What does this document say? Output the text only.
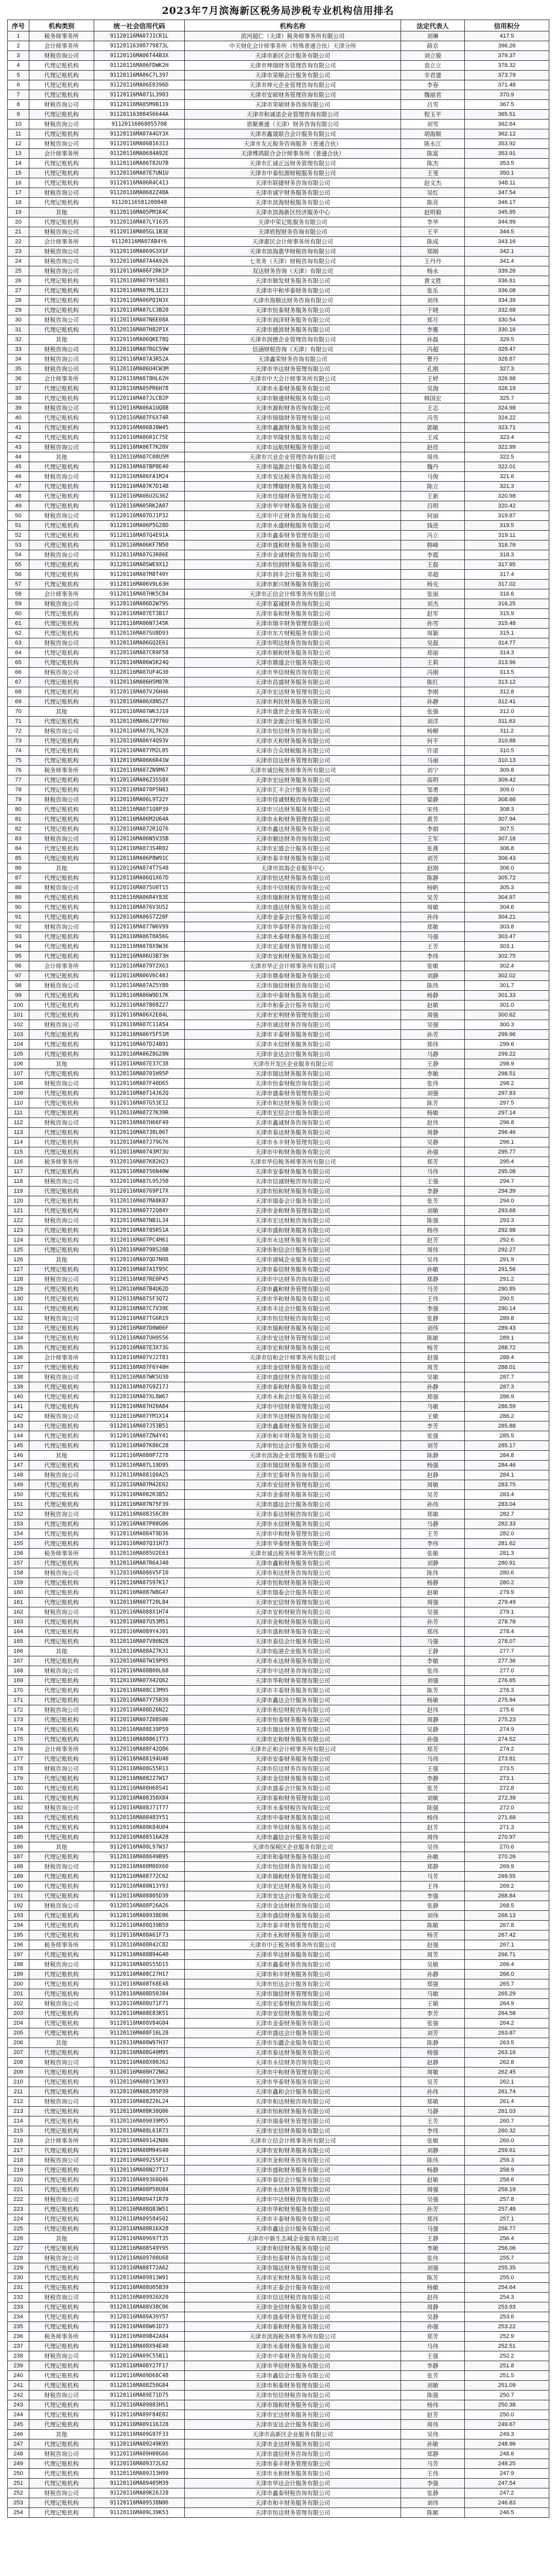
2023年7月滨海新区税务局涉税专业机构信用排名
序号	机构类别	统一社会信用代码	机构名称	法定代表人	信用积分
1	税务师事务所	91120116MA07J1CR1L	滨河超仁（天津）税务师事务所有限公司	刘琳	417.5
2	会计师事务所	91120116300779873L	中天财化会计师事务所（特殊普通合伙）天津分所	薛京	396.26
3	财税咨询公司	91120116MA06T44B3X	天津市新区会计服务有限公司	刘立骏	379.37
4	代理记账机构	91120116MA06FDWK2H	天津市坤瑞财务管理咨询有限公司	袁立立	378.32
5	代理记账机构	91120116MA06C7L397	天津市荣顺会计服务有限公司	辛君建	373.79
6	代理记账机构	91120116MA06E0396D	天津市坤元企业管理咨询有限公司	李春	371.48
7	代理记账机构	91120116MA071L3903	天津市安硕财务管理咨询有限公司	魏丽君	370.9
8	财税咨询公司	91120116MA05M9B119	天津市荣硕财务咨询有限公司	吕雪	367.5
9	代理记账机构	91120116300456644A	天津市和诚诺企业管理咨询有限公司	程玉平	365.51
10	财税咨询公司	91120116068055708	恩聚赛通（天津）财务咨询有限公司	刘雪	362.64
11	代理记账机构	91120116MA07A4GY3X	天津市鑫晟联合会计服务有限公司	胡海顺	362.12
12	财税咨询公司	91120116MA06B16313	天津市友元税务咨询服务（普通合伙）	陈永江	353.92
13	会计师事务所	91120116MA0684A92E	天津博鸿联合会计师事务所（普通合伙）	陈富	353.91
14	代理记账机构	91120116MA06T82U7B	天津市汇诚正远财务管理有限公司	陈杰	353.5
15	代理记账机构	91120116MA07E7UN1U	天津市中泰恒源财税服务有限公司	王斐	350.1
16	代理记账机构	91120116MA06R4C413	天津市联捷财务咨询有限公司	赵文杰	348.11
17	财税咨询公司	91120116MA0682Z48A	天津市诚宇财务服务有限公司	吴红	347.54
18	代理记账机构	91120116581200848	天津市滨海财税服务有限公司	陈亮	346.17
19	其他	91120116MA05PM1K4C	天津市滨海新区经济服务中心	赵明毅	345.95
20	代理记账机构	91120116MA07LY1635	天津中荣记账服务有限公司	李华	344.99
21	财税咨询公司	91120116MA05GL1B3E	天津欣程财务咨询有限公司	王平	344.5
22	会计师事务所	91120116MA07AB4Y6	天津惠民会计师事务所有限公司	陈成	343.16
23	财税咨询公司	91120116MA069G3X1F	天津市滨海惠华财税咨询有限公司	郑刚	342.1
24	财税咨询公司	91120116MA07A4A926	七美务（天津）财税咨询有限公司	王丹丹	341.4
25	财税咨询公司	91120116MA06F2RK1P	双达财务咨询（天津）有限公司	杨永	339.26
26	代理记账机构	91120116MA079Y5803	天津市顺发财务服务有限公司	黄文胜	336.81
27	代理记账机构	91120116MA07ML1E23	天津市中和华泰财务有限公司	张乐	336.08
28	代理记账机构	91120116MA06PQ1N3X	天津市海顺达财务咨询有限公司	刘伟	334.39
29	代理记账机构	91120116MA07LC3B20	天津市恒泰财务服务有限公司	于晓	332.68
30	财税咨询公司	91120116MA07N6E08A	天津市润泽财务服务有限公司	郑月	330.54
31	代理记账机构	91120116MA07H82P1X	天津市德滨财务服务有限公司	李雅	330.16
32	其他	91120116MA06QKE78Q	天津市润德企业管理咨询有限公司	孙磊	329.5
33	财税咨询公司	91120116MA07RGC59W	信涵财税咨询（天津）有限公司	冯超	329.47
34	财税咨询公司	91120116MA07A3R52A	天津鑫荣财务咨询有限公司	曹丹	328.87
35	财税咨询公司	91120116MA06U4CW3M	天津市华达财务管理有限公司	孔刚	327.3
36	会计师事务所	91120116MA078HL62H	天津市中大会计师事务所有限公司	王婷	326.98
37	代理记账机构	91120116MA05PR6H78	天津市永泰财务服务有限公司	吴海	326.19
38	代理记账机构	91120116MA07JLCB2P	天津市顺通财税服务有限公司	韩国宏	325.7
39	财税咨询公司	91120116MA06A1UQ8B	天津市源和财务咨询有限公司	王志	324.98
40	代理记账机构	91120116MA07F6X74R	天津市锦瑞财务管理有限公司	冯雪	324.22
41	代理记账机构	91120116MA06BJ0W45	天津市鑫源财务服务有限公司	郭敏	323.71
42	代理记账机构	91120116MA06R1C75E	天津市华隆财务服务有限公司	王成	323.4
43	财税咨询公司	91120116MA06T7K20V	天津市远航财税服务有限公司	赵佳	322.99
44	其他	91120116MA07C08U5M	天津市兴业企业管理咨询有限公司	周伟	322.5
45	代理记账机构	91120116MA07BP8E40	天津市福源会计服务有限公司	魏丹	322.01
46	财税咨询公司	91120116MA06FA1M24	天津市安达税务咨询有限公司	马俊	321.6
47	代理记账机构	91120116MA07K7D14B	天津市博瑞财务服务有限公司	陈立	321.3
48	代理记账机构	91120116MA06U2G36Z	天津市佳瑞财务管理有限公司	王新	320.98
49	代理记账机构	91120116MA05RK2A07	天津市华宇财务服务有限公司	吕明	320.42
50	财税咨询公司	91120116MA07DJ1P32	天津市中正财务咨询有限公司	何丽	319.87
51	代理记账机构	91120116MA06P5G28D	天津市永盛财税服务有限公司	钱进	319.5
52	代理记账机构	91120116MA07Q4E91A	天津市鑫泰财务管理有限公司	冯立	319.11
53	代理记账机构	91120116MA06KF7N50	天津市盛和财务服务有限公司	韩峰	318.76
54	财税咨询公司	91120116MA07G3R86E	天津市金诚财税咨询有限公司	李霞	318.3
55	代理记账机构	91120116MA05WE9X12	天津市恒润财务服务有限公司	王磊	317.95
56	代理记账机构	91120116MA07M8T40Y	天津市润丰会计服务有限公司	邓超	317.4
57	代理记账机构	91120116MA06V9L63H	天津市新兴财务服务有限公司	杨光	317.02
58	会计师事务所	91120116MA07HK5C84	天津市正信会计师事务所有限公司	张丽	316.6
59	财税咨询公司	91120116MA06D2W79S	天津市嘉诚财务咨询有限公司	刘杰	316.25
60	代理记账机构	91120116MA07ET3B17	天津市泰和财务服务有限公司	赵军	315.9
61	代理记账机构	91120116MA06N7J45K	天津市瑞丰财务管理有限公司	孙雪	315.48
62	代理记账机构	91120116MA07SU8D93	天津市东方财税服务有限公司	周颖	315.1
63	财税咨询公司	91120116MA06GQ2E61	天津市明达财务咨询有限公司	吴磊	314.77
64	代理记账机构	91120116MA07CR9F58	天津市顺和财务服务有限公司	郑丽	314.3
65	代理记账机构	91120116MA06W1K24Q	天津市鼎盛会计服务有限公司	王莉	313.96
66	财税咨询公司	91120116MA07UF4G30	天津市华信财税咨询有限公司	冯刚	313.5
67	代理记账机构	91120116MA06H5M87R	天津市昌盛财务服务有限公司	陈红	313.12
68	代理记账机构	91120116MA07VJ6H46	天津市宏达财务管理有限公司	李刚	312.8
69	代理记账机构	91120116MA06X8N52T	天津市利民财务服务有限公司	孙静	312.41
70	其他	91120116MA07WK3J19	天津市盛世企业服务有限公司	张强	312.0
71	代理记账机构	91120116MA06J2P76U	天津市金源会计服务有限公司	刘洋	311.63
72	财税咨询公司	91120116MA07XL7K28	天津市恒信财务咨询有限公司	杨柳	311.2
73	代理记账机构	91120116MA06Y4Q93V	天津市天和财务服务有限公司	何平	310.88
74	代理记账机构	91120116MA07YM2L05	天津市合众财税服务有限公司	许诺	310.5
75	代理记账机构	91120116MA06K6R41W	天津市信达财务管理有限公司	马丽	310.13
76	税务师事务所	91120116MA07ZN9M67	天津市诚信税务师事务所有限公司	刘宁	309.8
77	代理记账机构	91120116MA06Z3S58X	天津市宏远财务服务有限公司	高明	309.42
78	代理记账机构	91120116MA070P5N83	天津市汇丰会计服务有限公司	邹勇	309.0
79	财税咨询公司	91120116MA06L9T22Y	天津市佳诚财税咨询有限公司	梁静	308.66
80	代理记账机构	91120116MA071Q8P39	天津市兴达财务服务有限公司	宋伟	308.3
81	代理记账机构	91120116MA06M2U64A	天津市永和财务管理有限公司	黄芳	307.94
82	代理记账机构	91120116MA072R1Q76	天津市鑫达财务服务有限公司	李娟	307.5
83	财税咨询公司	91120116MA06N5V35B	天津市顺达财务咨询有限公司	王军	307.18
84	代理记账机构	91120116MA073S4R02	天津市宏盛会计服务有限公司	张燕	306.8
85	代理记账机构	91120116MA06P8W91C	天津市泰丰财务服务有限公司	刘芳	306.43
86	其他	91120116MA074T7S48	天津市滨海企业服务中心	赵刚	306.0
87	代理记账机构	91120116MA06Q1X67D	天津市恒达财务服务有限公司	陈静	305.72
88	财税咨询公司	91120116MA075U0T15	天津市中信财税咨询有限公司	杨帆	305.3
89	代理记账机构	91120116MA06R4Y83E	天津市瑞和财务管理有限公司	吴芳	304.97
90	代理记账机构	91120116MA076V3U52	天津市盛达财务服务有限公司	周敏	304.6
91	代理记账机构	91120116MA06S7Z20F	天津市金泰会计服务有限公司	孙伟	304.21
92	财税咨询公司	91120116MA077W6V99	天津市华泰财务咨询有限公司	郑敏	303.8
93	代理记账机构	91120116MA06T0A56G	天津市永泰财务服务有限公司	马强	303.47
94	代理记账机构	91120116MA078X9W36	天津市宏泰财务管理有限公司	王芳	303.1
95	代理记账机构	91120116MA06U3B73H	天津市安和财务服务有限公司	李伟	302.75
96	会计师事务所	91120116MA079Y2X63	天津市华正会计师事务所有限公司	张敏	302.4
97	代理记账机构	91120116MA06V6C40J	天津市鼎泰财务服务有限公司	刘静	302.02
98	财税咨询公司	91120116MA07AZ5Y80	天津市瑞信财税咨询有限公司	陈伟	301.7
99	代理记账机构	91120116MA06W9D17K	天津市中泰财务服务有限公司	杨静	301.33
100	代理记账机构	91120116MA07B08Z27	天津市和泰会计服务有限公司	赵敏	301.0
101	代理记账机构	91120116MA06X2E84L	天津市宏利财务管理有限公司	周强	300.62
102	财税咨询公司	91120116MA07C11A54	天津市诚达财务咨询有限公司	吴强	300.3
103	代理记账机构	91120116MA06Y5F51M	天津市丰泰财务服务有限公司	孙芳	299.96
104	代理记账机构	91120116MA07D24B91	天津市永信财务服务有限公司	郑伟	299.6
105	代理记账机构	91120116MA06Z8G28N	天津市金达会计服务有限公司	马静	299.22
106	其他	91120116MA07E37C38	天津市开发区企业服务有限公司	王静	298.9
107	代理记账机构	91120116MA0701H95P	天津市瑞达财务服务有限公司	李敏	298.51
108	财税咨询公司	91120116MA07F40D65	天津市恒泰财税咨询有限公司	张伟	298.2
109	代理记账机构	91120116MA0714J62Q	天津市盛泰财务管理有限公司	刘强	297.83
110	代理记账机构	91120116MA07G53E12	天津市和达财务服务有限公司	陈芳	297.5
111	代理记账机构	91120116MA0727K39R	天津市宏信会计服务有限公司	杨敏	297.14
112	财税咨询公司	91120116MA07H66F49	天津市鑫诚财务咨询有限公司	赵伟	296.8
113	代理记账机构	91120116MA0730L06T	天津市泰达财务服务有限公司	周静	296.46
114	代理记账机构	91120116MA07J79G76	天津市永丰财务管理有限公司	吴静	296.1
115	代理记账机构	91120116MA0743M73U	天津市中和财务服务有限公司	孙强	295.77
116	税务师事务所	91120116MA07K82H23	天津市华信税务师事务所有限公司	郑芳	295.4
117	代理记账机构	91120116MA0756N40W	天津市安泰财务服务有限公司	马伟	295.08
118	财税咨询公司	91120116MA07L95J50	天津市信诚财税咨询有限公司	王强	294.7
119	代理记账机构	91120116MA0769P17X	天津市恒和财务服务有限公司	李静	294.39
120	代理记账机构	91120116MA07MA8K87	天津市瑞泰会计服务有限公司	张芳	294.0
121	代理记账机构	91120116MA0772Q84Y	天津市金和财务管理有限公司	刘敏	293.68
122	财税咨询公司	91120116MA07NB1L34	天津市宏达财税咨询有限公司	陈强	293.3
123	代理记账机构	91120116MA0785R51A	天津市盛和财务服务有限公司	杨伟	292.98
124	代理记账机构	91120116MA07PC4M61	天津市永达财务服务有限公司	赵芳	292.6
125	代理记账机构	91120116MA0798S28B	天津市和信会计服务有限公司	周伟	292.27
126	其他	91120116MA07QD7N08	天津市港城企业服务有限公司	吴伟	291.9
127	代理记账机构	91120116MA07A1T95C	天津市泰信财务服务有限公司	孙敏	291.56
128	财税咨询公司	91120116MA07RE0P45	天津市中达财务咨询有限公司	郑静	291.2
129	代理记账机构	91120116MA07B4U62D	天津市鑫和财务管理有限公司	马芳	290.85
130	代理记账机构	91120116MA07SF3Q72	天津市华和财务服务有限公司	王伟	290.5
131	代理记账机构	91120116MA07C7V39E	天津市丰达会计服务有限公司	李强	290.14
132	财税咨询公司	91120116MA07TG6R19	天津市恒信财税咨询有限公司	张静	289.8
133	代理记账机构	91120116MA07D0W06F	天津市瑞和财务服务有限公司	刘伟	289.43
134	代理记账机构	91120116MA07UH9S56	天津市安达财务管理有限公司	陈敏	289.1
135	代理记账机构	91120116MA07E3X73G	天津市宏和财务服务有限公司	杨芳	288.72
136	会计师事务所	91120116MA07VJ2T83	天津市信和会计师事务所有限公司	赵强	288.4
137	代理记账机构	91120116MA07F6Y40H	天津市金信财务服务有限公司	周芳	288.01
138	财税咨询公司	91120116MA07WK5U30	天津市盛信财务咨询有限公司	吴敏	287.7
139	代理记账机构	91120116MA07G9Z17J	天津市泰和财务服务有限公司	孙静	287.3
140	代理记账机构	91120116MA07XL8W67	天津市永和会计服务有限公司	郑强	286.9
141	代理记账机构	91120116MA07H20A84	天津市中信财务管理有限公司	马敏	286.59
142	财税咨询公司	91120116MA07YM1X14	天津市华达财税咨询有限公司	王敏	286.2
143	代理记账机构	91120116MA07J53B51	天津市鑫泰财务服务有限公司	李芳	285.88
144	代理记账机构	91120116MA07ZN4Y41	天津市和丰财务服务有限公司	张强	285.5
145	代理记账机构	91120116MA07K86C28	天津市恒达会计服务有限公司	刘芳	285.17
146	其他	91120116MA080P7Z78	天津市滨海企业管理服务有限公司	陈静	284.8
147	代理记账机构	91120116MA07L19D95	天津市瑞信财务服务有限公司	杨强	284.46
148	财税咨询公司	91120116MA081Q0A25	天津市宏泰财务咨询有限公司	赵静	284.1
149	代理记账机构	91120116MA07M42E62	天津市安信财务管理有限公司	周敏	283.75
150	代理记账机构	91120116MA082R3B52	天津市金泰财务服务有限公司	吴芳	283.4
151	代理记账机构	91120116MA07N75F39	天津市盛达会计服务有限公司	孙伟	283.04
152	财税咨询公司	91120116MA083S6C89	天津市泰达财税咨询有限公司	郑敏	282.7
153	代理记账机构	91120116MA07P08G06	天津市永信财务服务有限公司	马静	282.33
154	代理记账机构	91120116MA084T9D36	天津市中和财务管理有限公司	王芳	282.0
155	代理记账机构	91120116MA07Q31H73	天津市华泰财务服务有限公司	李伟	281.62
156	税务师事务所	91120116MA085U2E63	天津市诚达税务师事务所有限公司	张敏	281.3
157	代理记账机构	91120116MA07R64J40	天津市鑫和财务服务有限公司	刘静	280.91
158	财税咨询公司	91120116MA086V5F10	天津市和达财务咨询有限公司	陈伟	280.6
159	代理记账机构	91120116MA07S97K17	天津市恒和财务服务有限公司	杨静	280.2
160	代理记账机构	91120116MA087W8G47	天津市瑞泰会计服务有限公司	赵敏	279.9
161	代理记账机构	91120116MA07T20L84	天津市宏信财务管理有限公司	周强	279.49
162	财税咨询公司	91120116MA088X1H74	天津市安和财税咨询有限公司	吴强	279.1
163	代理记账机构	91120116MA07U53M51	天津市金和财务服务有限公司	孙芳	278.78
164	代理记账机构	91120116MA089Y4J01	天津市盛和财务服务有限公司	郑伟	278.4
165	代理记账机构	91120116MA07V86N28	天津市泰信会计服务有限公司	马强	278.07
166	其他	91120116MA08AZ7K31	天津市临港企业服务有限公司	王静	277.7
167	代理记账机构	91120116MA07W19P95	天津市永达财务服务有限公司	李敏	277.36
168	财税咨询公司	91120116MA08B00L68	天津市中达财务咨询有限公司	张伟	277.0
169	代理记账机构	91120116MA07X42Q62	天津市华和财务管理有限公司	刘强	276.65
170	代理记账机构	91120116MA08C13M95	天津市丰泰财务服务有限公司	陈芳	276.3
171	代理记账机构	91120116MA07Y75R39	天津市鑫达会计服务有限公司	杨敏	275.94
172	财税咨询公司	91120116MA08D26N22	天津市和信财税咨询有限公司	赵伟	275.6
173	代理记账机构	91120116MA07Z08S06	天津市恒泰财务服务有限公司	周静	275.23
174	代理记账机构	91120116MA08E39P59	天津市瑞达财务管理有限公司	吴静	274.9
175	代理记账机构	91120116MA08061T73	天津市宏和财务服务有限公司	孙强	274.52
176	会计师事务所	91120116MA08F42Q86	天津市正和会计师事务所有限公司	郑芳	274.2
177	代理记账机构	91120116MA08194U40	天津市安泰财务服务有限公司	马伟	273.81
178	财税咨询公司	91120116MA08G55R13	天津市信达财务咨询有限公司	王强	273.5
179	代理记账机构	91120116MA08227W17	天津市金信财务服务有限公司	李静	273.1
180	代理记账机构	91120116MA08H68S41	天津市盛泰会计服务有限公司	张芳	272.8
181	代理记账机构	91120116MA08350X84	天津市泰和财务管理有限公司	刘敏	272.39
182	财税咨询公司	91120116MA08J71T77	天津市永泰财税咨询有限公司	陈强	272.0
183	代理记账机构	91120116MA08483Y51	天津市中泰财务服务有限公司	杨伟	271.68
184	代理记账机构	91120116MA08K84U04	天津市华信财务服务有限公司	赵芳	271.3
185	代理记账机构	91120116MA08516A28	天津市鑫信会计服务有限公司	周伟	270.97
186	其他	91120116MA08L97W37	天津市保税区企业服务有限公司	吴伟	270.6
187	代理记账机构	91120116MA08649B95	天津市和泰财务服务有限公司	孙敏	270.26
188	财税咨询公司	91120116MA08M00X60	天津市恒信财务咨询有限公司	郑静	269.9
189	代理记账机构	91120116MA08772C62	天津市瑞和财务管理有限公司	马芳	269.55
190	代理记账机构	91120116MA08N13Y93	天津市宏达财务服务有限公司	王伟	269.2
191	代理记账机构	91120116MA08805D39	天津市安达会计服务有限公司	李强	268.84
192	财税咨询公司	91120116MA08P26A26	天津市金达财税咨询有限公司	张静	268.5
193	代理记账机构	91120116MA08938E06	天津市盛信财务服务有限公司	刘伟	268.13
194	代理记账机构	91120116MA08Q39B59	天津市泰丰财务管理有限公司	陈敏	267.8
195	代理记账机构	91120116MA08A61F73	天津市永和财务服务有限公司	杨芳	267.42
196	税务师事务所	91120116MA08R42C82	天津市中正税务师事务所有限公司	赵强	267.1
197	代理记账机构	91120116MA08B94G40	天津市华达财务服务有限公司	周芳	266.71
198	财税咨询公司	91120116MA08S55D15	天津市鑫泰财务咨询有限公司	吴敏	266.4
199	代理记账机构	91120116MA08C27H17	天津市和丰财务服务有限公司	孙静	266.0
200	代理记账机构	91120116MA08T68E48	天津市恒达会计服务有限公司	郑强	265.7
201	代理记账机构	91120116MA08D50J84	天津市瑞信财务管理有限公司	马敏	265.29
202	财税咨询公司	91120116MA08U71F71	天津市宏泰财税咨询有限公司	王敏	264.9
203	代理记账机构	91120116MA08E83K51	天津市安信财务服务有限公司	李芳	264.58
204	代理记账机构	91120116MA08V84G04	天津市金泰财务服务有限公司	张强	264.2
205	代理记账机构	91120116MA08F16L28	天津市盛达会计服务有限公司	刘芳	263.87
206	其他	91120116MA08W97H37	天津市东疆企业服务有限公司	陈静	263.5
207	代理记账机构	91120116MA08G49M95	天津市泰达财务服务有限公司	杨强	263.16
208	财税咨询公司	91120116MA08X00J62	天津市永信财务咨询有限公司	赵静	262.8
209	代理记账机构	91120116MA08H72N62	天津市中和财务管理有限公司	周敏	262.45
210	代理记账机构	91120116MA08Y13K93	天津市华泰财务服务有限公司	吴芳	262.1
211	代理记账机构	91120116MA08J05P39	天津市鑫和会计服务有限公司	孙伟	261.74
212	财税咨询公司	91120116MA08Z26L24	天津市和达财税咨询有限公司	郑敏	261.4
213	代理记账机构	91120116MA08K38Q06	天津市恒和财务服务有限公司	马静	261.03
214	代理记账机构	91120116MA09039M55	天津市瑞泰财务管理有限公司	王芳	260.7
215	代理记账机构	91120116MA08L61R73	天津市宏信财务服务有限公司	李伟	260.32
216	会计师事务所	91120116MA09142N86	天津市立信会计师事务所有限公司	张敏	260.0
217	代理记账机构	91120116MA08M94S40	天津市安和财务服务有限公司	刘静	259.61
218	财税咨询公司	91120116MA09255P13	天津市金和财务咨询有限公司	陈伟	259.3
219	代理记账机构	91120116MA08N27T17	天津市盛和财务服务有限公司	杨静	258.9
220	代理记账机构	91120116MA09368Q46	天津市泰信会计服务有限公司	赵敏	258.6
221	代理记账机构	91120116MA08P50U84	天津市永达财务管理有限公司	周强	258.19
222	财税咨询公司	91120116MA09471R79	天津市中达财税咨询有限公司	吴强	257.8
223	代理记账机构	91120116MA08Q83W51	天津市华和财务服务有限公司	孙芳	257.48
224	代理记账机构	91120116MA09584S02	天津市丰泰财务服务有限公司	郑伟	257.1
225	代理记账机构	91120116MA08R16X28	天津市鑫达会计服务有限公司	马强	256.77
226	其他	91120116MA09697T35	天津市中新生态城企业服务有限公司	王静	256.4
227	代理记账机构	91120116MA08S49Y95	天津市和信财务服务有限公司	李敏	256.06
228	财税咨询公司	91120116MA09700U68	天津市恒泰财务咨询有限公司	张伟	255.7
229	代理记账机构	91120116MA08T72A62	天津市瑞达财务管理有限公司	刘强	255.35
230	代理记账机构	91120116MA09813W91	天津市宏和财务服务有限公司	陈芳	255.0
231	代理记账机构	91120116MA08U05B39	天津市正泰会计服务有限公司	杨敏	254.64
232	财税咨询公司	91120116MA09926X20	天津市信达财税咨询有限公司	赵伟	254.3
233	代理记账机构	91120116MA08V38C06	天津市金信财务服务有限公司	周静	253.93
234	代理记账机构	91120116MA09A39Y57	天津市盛泰财务管理有限公司	吴静	253.6
235	代理记账机构	91120116MA08W61D73	天津市泰和财务服务有限公司	孙强	253.22
236	税务师事务所	91120116MA09B42A84	天津市滨海税务师事务所有限公司	郑芳	252.9
237	代理记账机构	91120116MA08X94E40	天津市永泰财务服务有限公司	马伟	252.51
238	财税咨询公司	91120116MA09C55B11	天津市中泰财务咨询有限公司	王强	252.2
239	代理记账机构	91120116MA08Y27F17	天津市华信财务服务有限公司	李静	251.8
240	代理记账机构	91120116MA09D68C48	天津市鑫信会计服务有限公司	张芳	251.5
241	代理记账机构	91120116MA08Z50G84	天津市和泰财务管理有限公司	刘敏	251.09
242	财税咨询公司	91120116MA09E71D75	天津市恒信财税咨询有限公司	陈强	250.7
243	代理记账机构	91120116MA09083H51	天津市瑞和财务服务有限公司	杨伟	250.38
244	代理记账机构	91120116MA09F84E02	天津市宏达财务服务有限公司	赵芳	250.0
245	代理记账机构	91120116MA09116J28	天津市安达会计服务有限公司	周伟	249.67
246	其他	91120116MA09G97F33	天津市高新区企业服务有限公司	吴伟	249.3
247	代理记账机构	91120116MA09249K95	天津市金达财务服务有限公司	孙敏	248.96
248	财税咨询公司	91120116MA09H00G66	天津市盛信财务咨询有限公司	郑静	248.6
249	代理记账机构	91120116MA09372L62	天津市泰丰财务管理有限公司	马芳	248.25
250	代理记账机构	91120116MA09J13H99	天津市永和财务服务有限公司	王伟	247.9
251	代理记账机构	91120116MA09405M39	天津市华达会计服务有限公司	李强	247.54
252	财税咨询公司	91120116MA09K26J28	天津市鑫泰财税咨询有限公司	张静	247.2
253	代理记账机构	91120116MA09538N06	天津市和丰财务服务有限公司	刘伟	246.83
254	代理记账机构	91120116MA09L39K53	天津市恒达财务管理有限公司	陈敏	246.5
